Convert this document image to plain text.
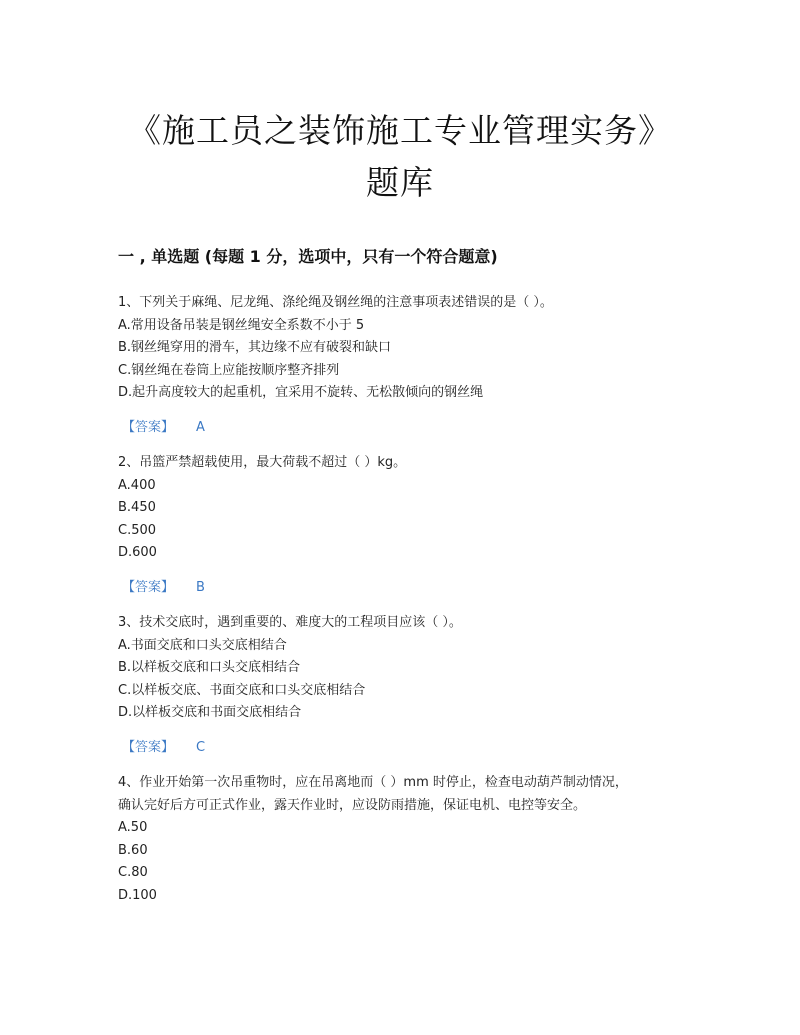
《施工员之装饰施工专业管理实务》
题库
一 , 单选题 (每题 1 分，选项中，只有一个符合题意)

1、下列关于麻绳、尼龙绳、涤纶绳及钢丝绳的注意事项表述错误的是（ ）。

A.常用设备吊装是钢丝绳安全系数不小于 5

B.钢丝绳穿用的滑车，其边缘不应有破裂和缺口

C.钢丝绳在卷筒上应能按顺序整齐排列

D.起升高度较大的起重机，宜采用不旋转、无松散倾向的钢丝绳

【答案】 A

2、吊篮严禁超载使用，最大荷载不超过（ ）kg。

A.400

B.450

C.500

D.600

【答案】 B

3、技术交底时，遇到重要的、难度大的工程项目应该（ ）。

A.书面交底和口头交底相结合

B.以样板交底和口头交底相结合

C.以样板交底、书面交底和口头交底相结合

D.以样板交底和书面交底相结合

【答案】 C

4、作业开始第一次吊重物时，应在吊离地而（ ）mm 时停止，检查电动葫芦制动情况，

确认完好后方可正式作业，露天作业时，应设防雨措施，保证电机、电控等安全。

A.50

B.60

C.80

D.100
